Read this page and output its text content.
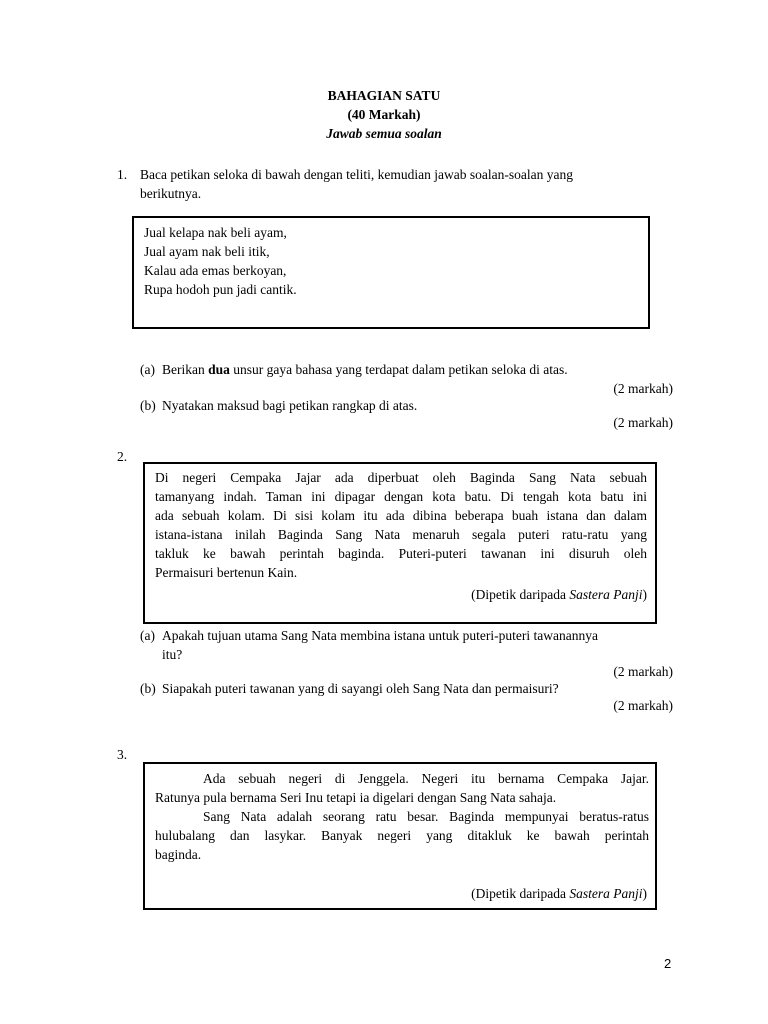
BAHAGIAN SATU
(40 Markah)
Jawab semua soalan
1. Baca petikan seloka di bawah dengan teliti, kemudian jawab soalan-soalan yang
berikutnya.
Jual kelapa nak beli ayam,
Jual ayam nak beli itik,
Kalau ada emas berkoyan,
Rupa hodoh pun jadi cantik.
(a) Berikan dua unsur gaya bahasa yang terdapat dalam petikan seloka di atas.
(2 markah)
(b) Nyatakan maksud bagi petikan rangkap di atas.
(2 markah)
2.
Di negeri Cempaka Jajar ada diperbuat oleh Baginda Sang Nata sebuah
tamanyang indah. Taman ini dipagar dengan kota batu. Di tengah kota batu ini
ada sebuah kolam. Di sisi kolam itu ada dibina beberapa buah istana dan dalam
istana-istana inilah Baginda Sang Nata menaruh segala puteri ratu-ratu yang
takluk ke bawah perintah baginda. Puteri-puteri tawanan ini disuruh oleh
Permaisuri bertenun Kain.
(Dipetik daripada Sastera Panji)
(a) Apakah tujuan utama Sang Nata membina istana untuk puteri-puteri tawanannya
itu?
(2 markah)
(b) Siapakah puteri tawanan yang di sayangi oleh Sang Nata dan permaisuri?
(2 markah)
3.
Ada sebuah negeri di Jenggela. Negeri itu bernama Cempaka Jajar.
Ratunya pula bernama Seri Inu tetapi ia digelari dengan Sang Nata sahaja.
Sang Nata adalah seorang ratu besar. Baginda mempunyai beratus-ratus
hulubalang dan lasykar. Banyak negeri yang ditakluk ke bawah perintah
baginda.
(Dipetik daripada Sastera Panji)
2
